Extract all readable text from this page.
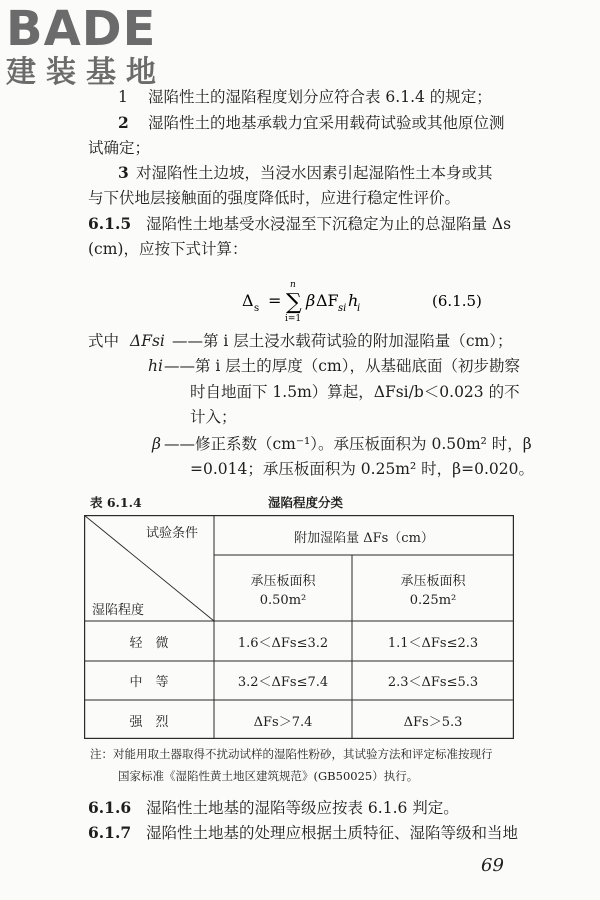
BADE
建装基地
1 湿陷性土的湿陷程度划分应符合表 6.1.4 的规定；
2 湿陷性土的地基承载力宜采用载荷试验或其他原位测
试确定；
3 对湿陷性土边坡，当浸水因素引起湿陷性土本身或其
与下伏地层接触面的强度降低时，应进行稳定性评价。
6.1.5 湿陷性土地基受水浸湿至下沉稳定为止的总湿陷量 Δs
(cm)，应按下式计算：
Δ s =
n
∑
i=1
β ΔF si h
i	(6.1.5)
式中 ΔFsi ——第 i 层土浸水载荷试验的附加湿陷量（cm）；
hi ——第 i 层土的厚度（cm），从基础底面（初步勘察
时自地面下 1.5m）算起，ΔFsi/b＜0.023 的不
计入；
β ——修正系数（cm⁻¹）。承压板面积为 0.50m² 时，β
=0.014；承压板面积为 0.25m² 时，β=0.020。
表 6.1.4	湿陷程度分类
试验条件
湿陷程度
附加湿陷量 ΔFs（cm）
承压板面积
0.50m²
承压板面积
0.25m²
轻　微	1.6＜ΔFs≤3.2	1.1＜ΔFs≤2.3
中　等	3.2＜ΔFs≤7.4	2.3＜ΔFs≤5.3
强　烈	ΔFs＞7.4	ΔFs＞5.3
注：对能用取土器取得不扰动试样的湿陷性粉砂，其试验方法和评定标准按现行
国家标准《湿陷性黄土地区建筑规范》(GB50025）执行。
6.1.6 湿陷性土地基的湿陷等级应按表 6.1.6 判定。
6.1.7 湿陷性土地基的处理应根据土质特征、湿陷等级和当地
69
